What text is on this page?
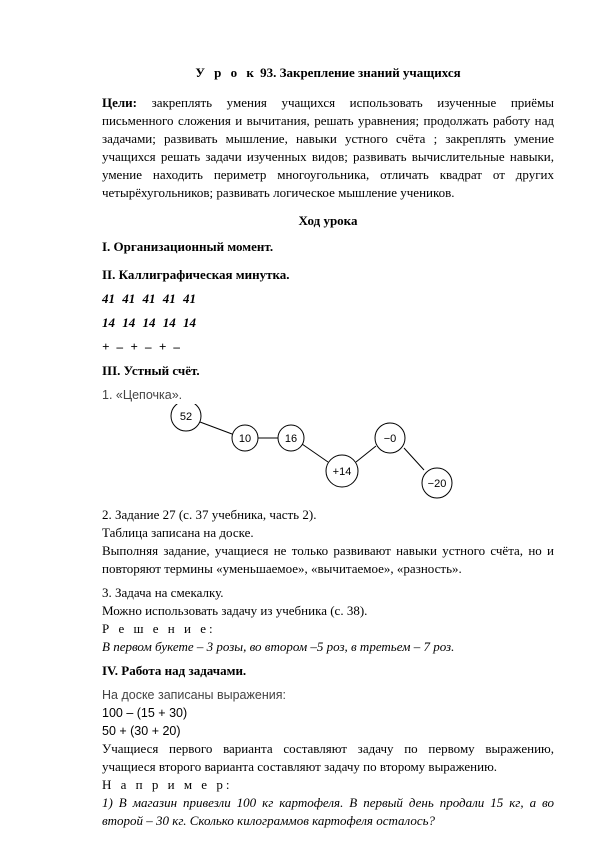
У р о к 93. Закрепление знаний учащихся

Цели: закреплять умения учащихся использовать изученные приёмы письменного сложения и вычитания, решать уравнения; продолжать работу над задачами; развивать мышление, навыки устного счёта ; закреплять умение учащихся решать задачи изученных видов; развивать вычислительные навыки, умение находить периметр многоугольника, отличать квадрат от других четырёхугольников; развивать логическое мышление учеников.

Ход урока

I. Организационный момент.

II. Каллиграфическая минутка.

41 41 41 41 41

14 14 14 14 14

+ – + – + –

III. Устный счёт.

1. «Цепочка».

52
10	16
+14
−0
−20

2. Задание 27 (с. 37 учебника, часть 2).

Таблица записана на доске.

Выполняя задание, учащиеся не только развивают навыки устного счёта, но и повторяют термины «уменьшаемое», «вычитаемое», «разность».

3. Задача на смекалку.

Можно использовать задачу из учебника (с. 38).

Р е ш е н и е:

В первом букете – 3 розы, во втором –5 роз, в третьем – 7 роз.

IV. Работа над задачами.

На доске записаны выражения:

100 – (15 + 30)

50 + (30 + 20)

Учащиеся первого варианта составляют задачу по первому выражению, учащиеся второго варианта составляют задачу по второму выражению.

Н а п р и м е р:

1) В магазин привезли 100 кг картофеля. В первый день продали 15 кг, а во второй – 30 кг. Сколько килограммов картофеля осталось?
